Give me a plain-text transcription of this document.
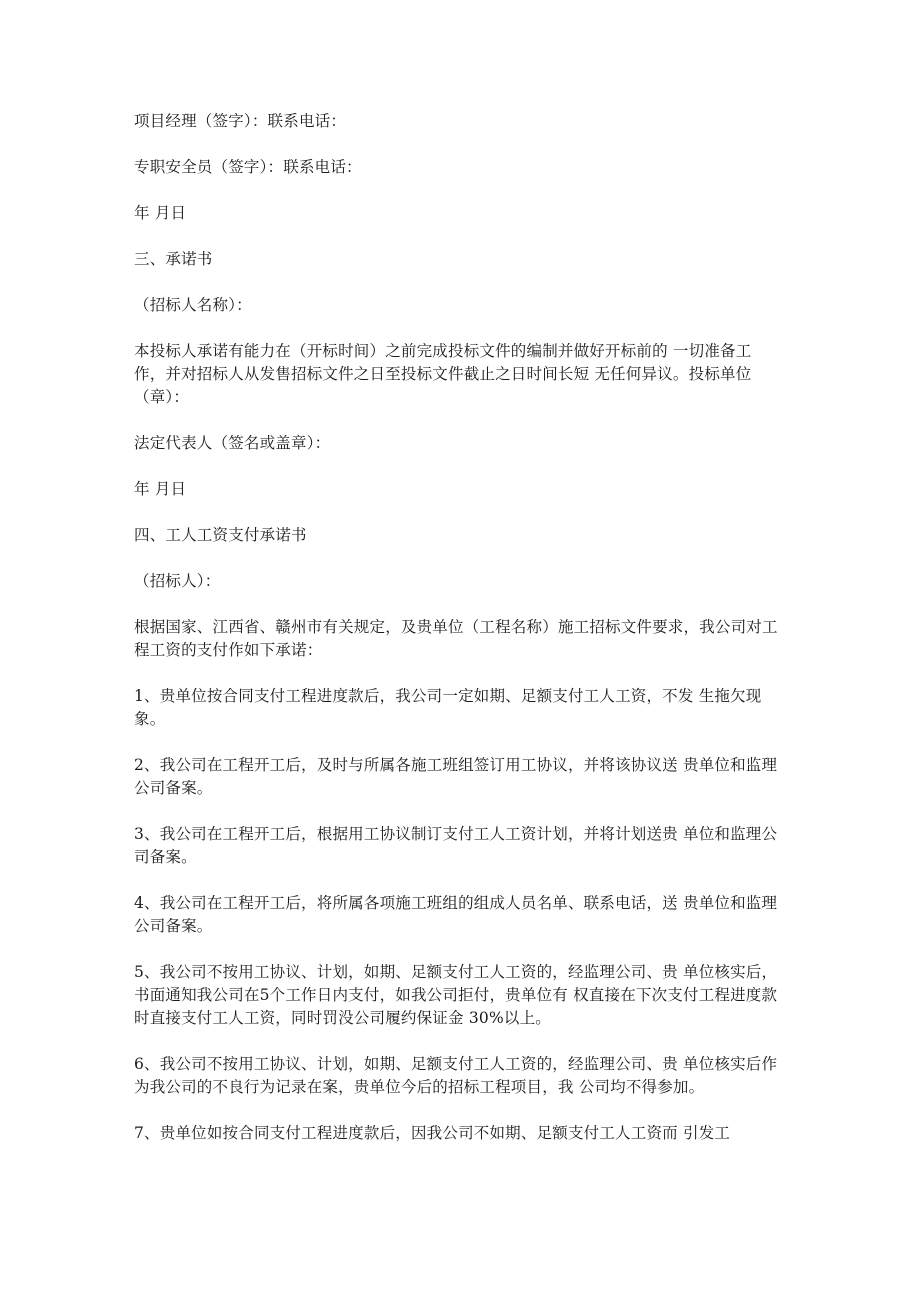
项目经理（签字）：联系电话：

专职安全员（签字）：联系电话：

年 月日

三、承诺书

（招标人名称）：

本投标人承诺有能力在（开标时间）之前完成投标文件的编制并做好开标前的 一切准备工作，并对招标人从发售招标文件之日至投标文件截止之日时间长短 无任何异议。投标单位（章）：

法定代表人（签名或盖章）：

年 月日

四、工人工资支付承诺书

（招标人）：

根据国家、江西省、赣州市有关规定，及贵单位（工程名称）施工招标文件要求，我公司对工程工资的支付作如下承诺：

1、贵单位按合同支付工程进度款后，我公司一定如期、足额支付工人工资，不发 生拖欠现象。

2、我公司在工程开工后，及时与所属各施工班组签订用工协议，并将该协议送 贵单位和监理公司备案。

3、我公司在工程开工后，根据用工协议制订支付工人工资计划，并将计划送贵 单位和监理公司备案。

4、我公司在工程开工后，将所属各项施工班组的组成人员名单、联系电话，送 贵单位和监理公司备案。

5、我公司不按用工协议、计划，如期、足额支付工人工资的，经监理公司、贵 单位核实后，书面通知我公司在5个工作日内支付，如我公司拒付，贵单位有 权直接在下次支付工程进度款时直接支付工人工资，同时罚没公司履约保证金 30%以上。

6、我公司不按用工协议、计划，如期、足额支付工人工资的，经监理公司、贵 单位核实后作为我公司的不良行为记录在案，贵单位今后的招标工程项目，我 公司均不得参加。

7、贵单位如按合同支付工程进度款后，因我公司不如期、足额支付工人工资而 引发工
